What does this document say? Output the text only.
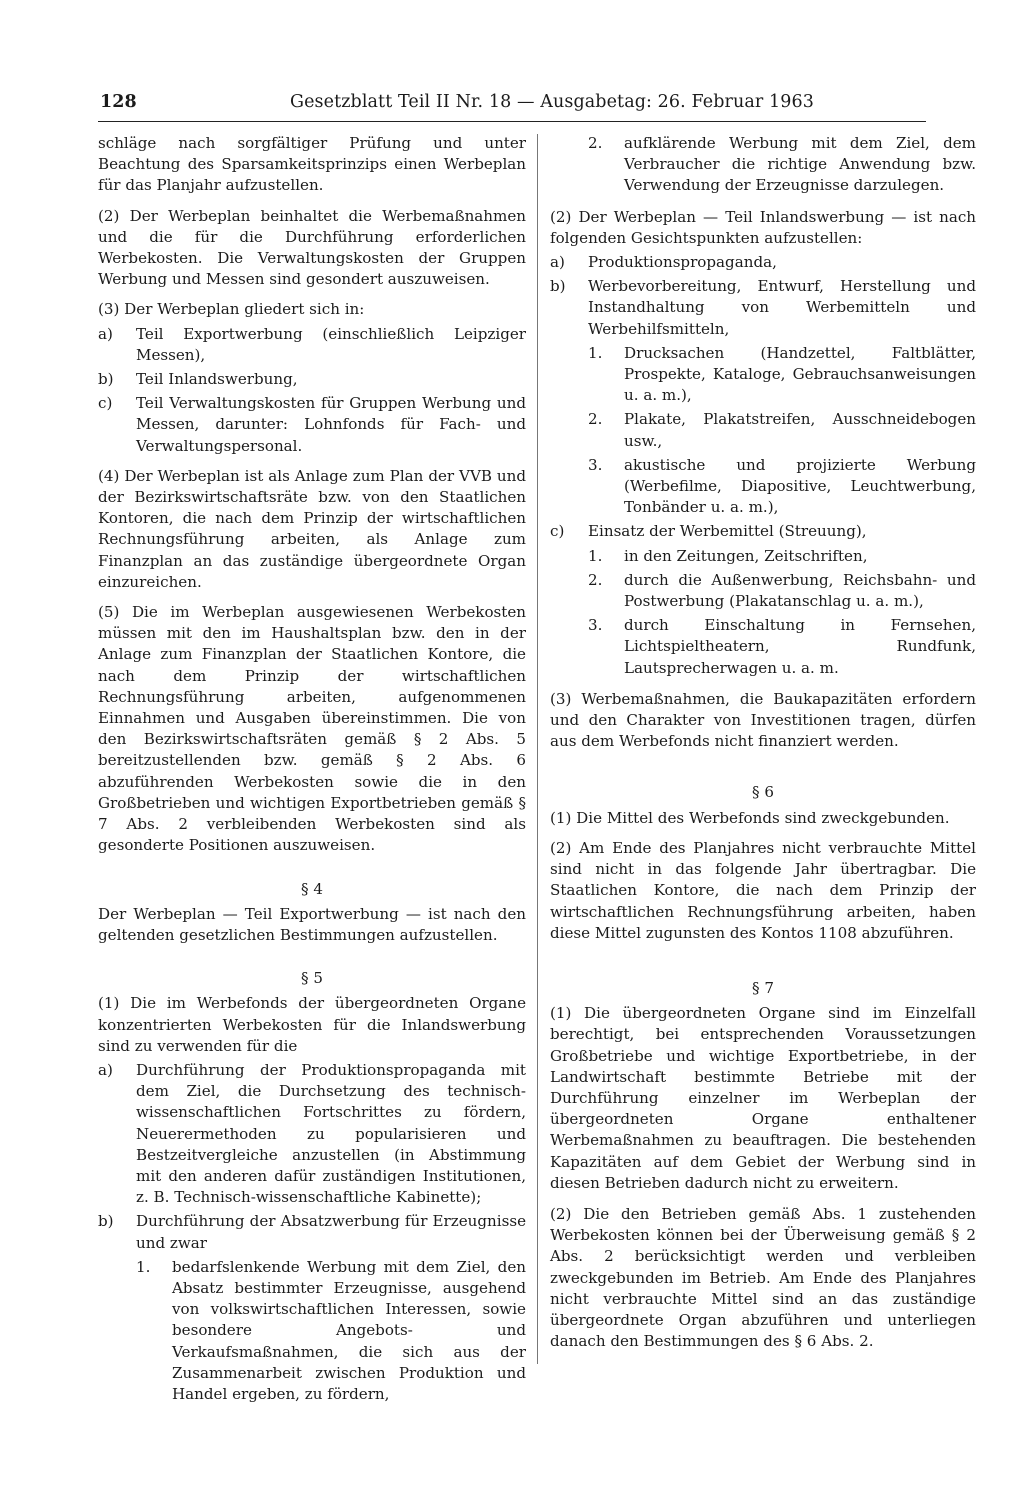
128	Gesetzblatt Teil II Nr. 18 — Ausgabetag: 26. Februar 1963

schläge nach sorgfältiger Prüfung und unter Beachtung des Sparsamkeitsprinzips einen Werbeplan für das Planjahr aufzustellen.

(2) Der Werbeplan beinhaltet die Werbemaßnahmen und die für die Durchführung erforderlichen Werbekosten. Die Verwaltungskosten der Gruppen Werbung und Messen sind gesondert auszuweisen.

(3) Der Werbeplan gliedert sich in:

a) Teil Exportwerbung (einschließlich Leipziger Messen),
b) Teil Inlandswerbung,
c) Teil Verwaltungskosten für Gruppen Werbung und Messen, darunter: Lohnfonds für Fach- und Verwaltungspersonal.

(4) Der Werbeplan ist als Anlage zum Plan der VVB und der Bezirkswirtschaftsräte bzw. von den Staatlichen Kontoren, die nach dem Prinzip der wirtschaftlichen Rechnungsführung arbeiten, als Anlage zum Finanzplan an das zuständige übergeordnete Organ einzureichen.

(5) Die im Werbeplan ausgewiesenen Werbekosten müssen mit den im Haushaltsplan bzw. den in der Anlage zum Finanzplan der Staatlichen Kontore, die nach dem Prinzip der wirtschaftlichen Rechnungsführung arbeiten, aufgenommenen Einnahmen und Ausgaben übereinstimmen. Die von den Bezirkswirtschaftsräten gemäß § 2 Abs. 5 bereitzustellenden bzw. gemäß § 2 Abs. 6 abzuführenden Werbekosten sowie die in den Großbetrieben und wichtigen Exportbetrieben gemäß § 7 Abs. 2 verbleibenden Werbekosten sind als gesonderte Positionen auszuweisen.

§ 4

Der Werbeplan — Teil Exportwerbung — ist nach den geltenden gesetzlichen Bestimmungen aufzustellen.

§ 5

(1) Die im Werbefonds der übergeordneten Organe konzentrierten Werbekosten für die Inlandswerbung sind zu verwenden für die

a) Durchführung der Produktionspropaganda mit dem Ziel, die Durchsetzung des technisch-wissenschaftlichen Fortschrittes zu fördern, Neuerermethoden zu popularisieren und Bestzeitvergleiche anzustellen (in Abstimmung mit den anderen dafür zuständigen Institutionen, z. B. Technisch-wissenschaftliche Kabinette);
b) Durchführung der Absatzwerbung für Erzeugnisse und zwar
1. bedarfslenkende Werbung mit dem Ziel, den Absatz bestimmter Erzeugnisse, ausgehend von volkswirtschaftlichen Interessen, sowie besondere Angebots- und Verkaufsmaßnahmen, die sich aus der Zusammenarbeit zwischen Produktion und Handel ergeben, zu fördern,
2. aufklärende Werbung mit dem Ziel, dem Verbraucher die richtige Anwendung bzw. Verwendung der Erzeugnisse darzulegen.

(2) Der Werbeplan — Teil Inlandswerbung — ist nach folgenden Gesichtspunkten aufzustellen:

a) Produktionspropaganda,
b) Werbevorbereitung, Entwurf, Herstellung und Instandhaltung von Werbemitteln und Werbehilfsmitteln,
1. Drucksachen (Handzettel, Faltblätter, Prospekte, Kataloge, Gebrauchsanweisungen u. a. m.),
2. Plakate, Plakatstreifen, Ausschneidebogen usw.,
3. akustische und projizierte Werbung (Werbefilme, Diapositive, Leuchtwerbung, Tonbänder u. a. m.),
c) Einsatz der Werbemittel (Streuung),
1. in den Zeitungen, Zeitschriften,
2. durch die Außenwerbung, Reichsbahn- und Postwerbung (Plakatanschlag u. a. m.),
3. durch Einschaltung in Fernsehen, Lichtspieltheatern, Rundfunk, Lautsprecherwagen u. a. m.

(3) Werbemaßnahmen, die Baukapazitäten erfordern und den Charakter von Investitionen tragen, dürfen aus dem Werbefonds nicht finanziert werden.

§ 6

(1) Die Mittel des Werbefonds sind zweckgebunden.

(2) Am Ende des Planjahres nicht verbrauchte Mittel sind nicht in das folgende Jahr übertragbar. Die Staatlichen Kontore, die nach dem Prinzip der wirtschaftlichen Rechnungsführung arbeiten, haben diese Mittel zugunsten des Kontos 1108 abzuführen.

§ 7

(1) Die übergeordneten Organe sind im Einzelfall berechtigt, bei entsprechenden Voraussetzungen Großbetriebe und wichtige Exportbetriebe, in der Landwirtschaft bestimmte Betriebe mit der Durchführung einzelner im Werbeplan der übergeordneten Organe enthaltener Werbemaßnahmen zu beauftragen. Die bestehenden Kapazitäten auf dem Gebiet der Werbung sind in diesen Betrieben dadurch nicht zu erweitern.

(2) Die den Betrieben gemäß Abs. 1 zustehenden Werbekosten können bei der Überweisung gemäß § 2 Abs. 2 berücksichtigt werden und verbleiben zweckgebunden im Betrieb. Am Ende des Planjahres nicht verbrauchte Mittel sind an das zuständige übergeordnete Organ abzuführen und unterliegen danach den Bestimmungen des § 6 Abs. 2.
